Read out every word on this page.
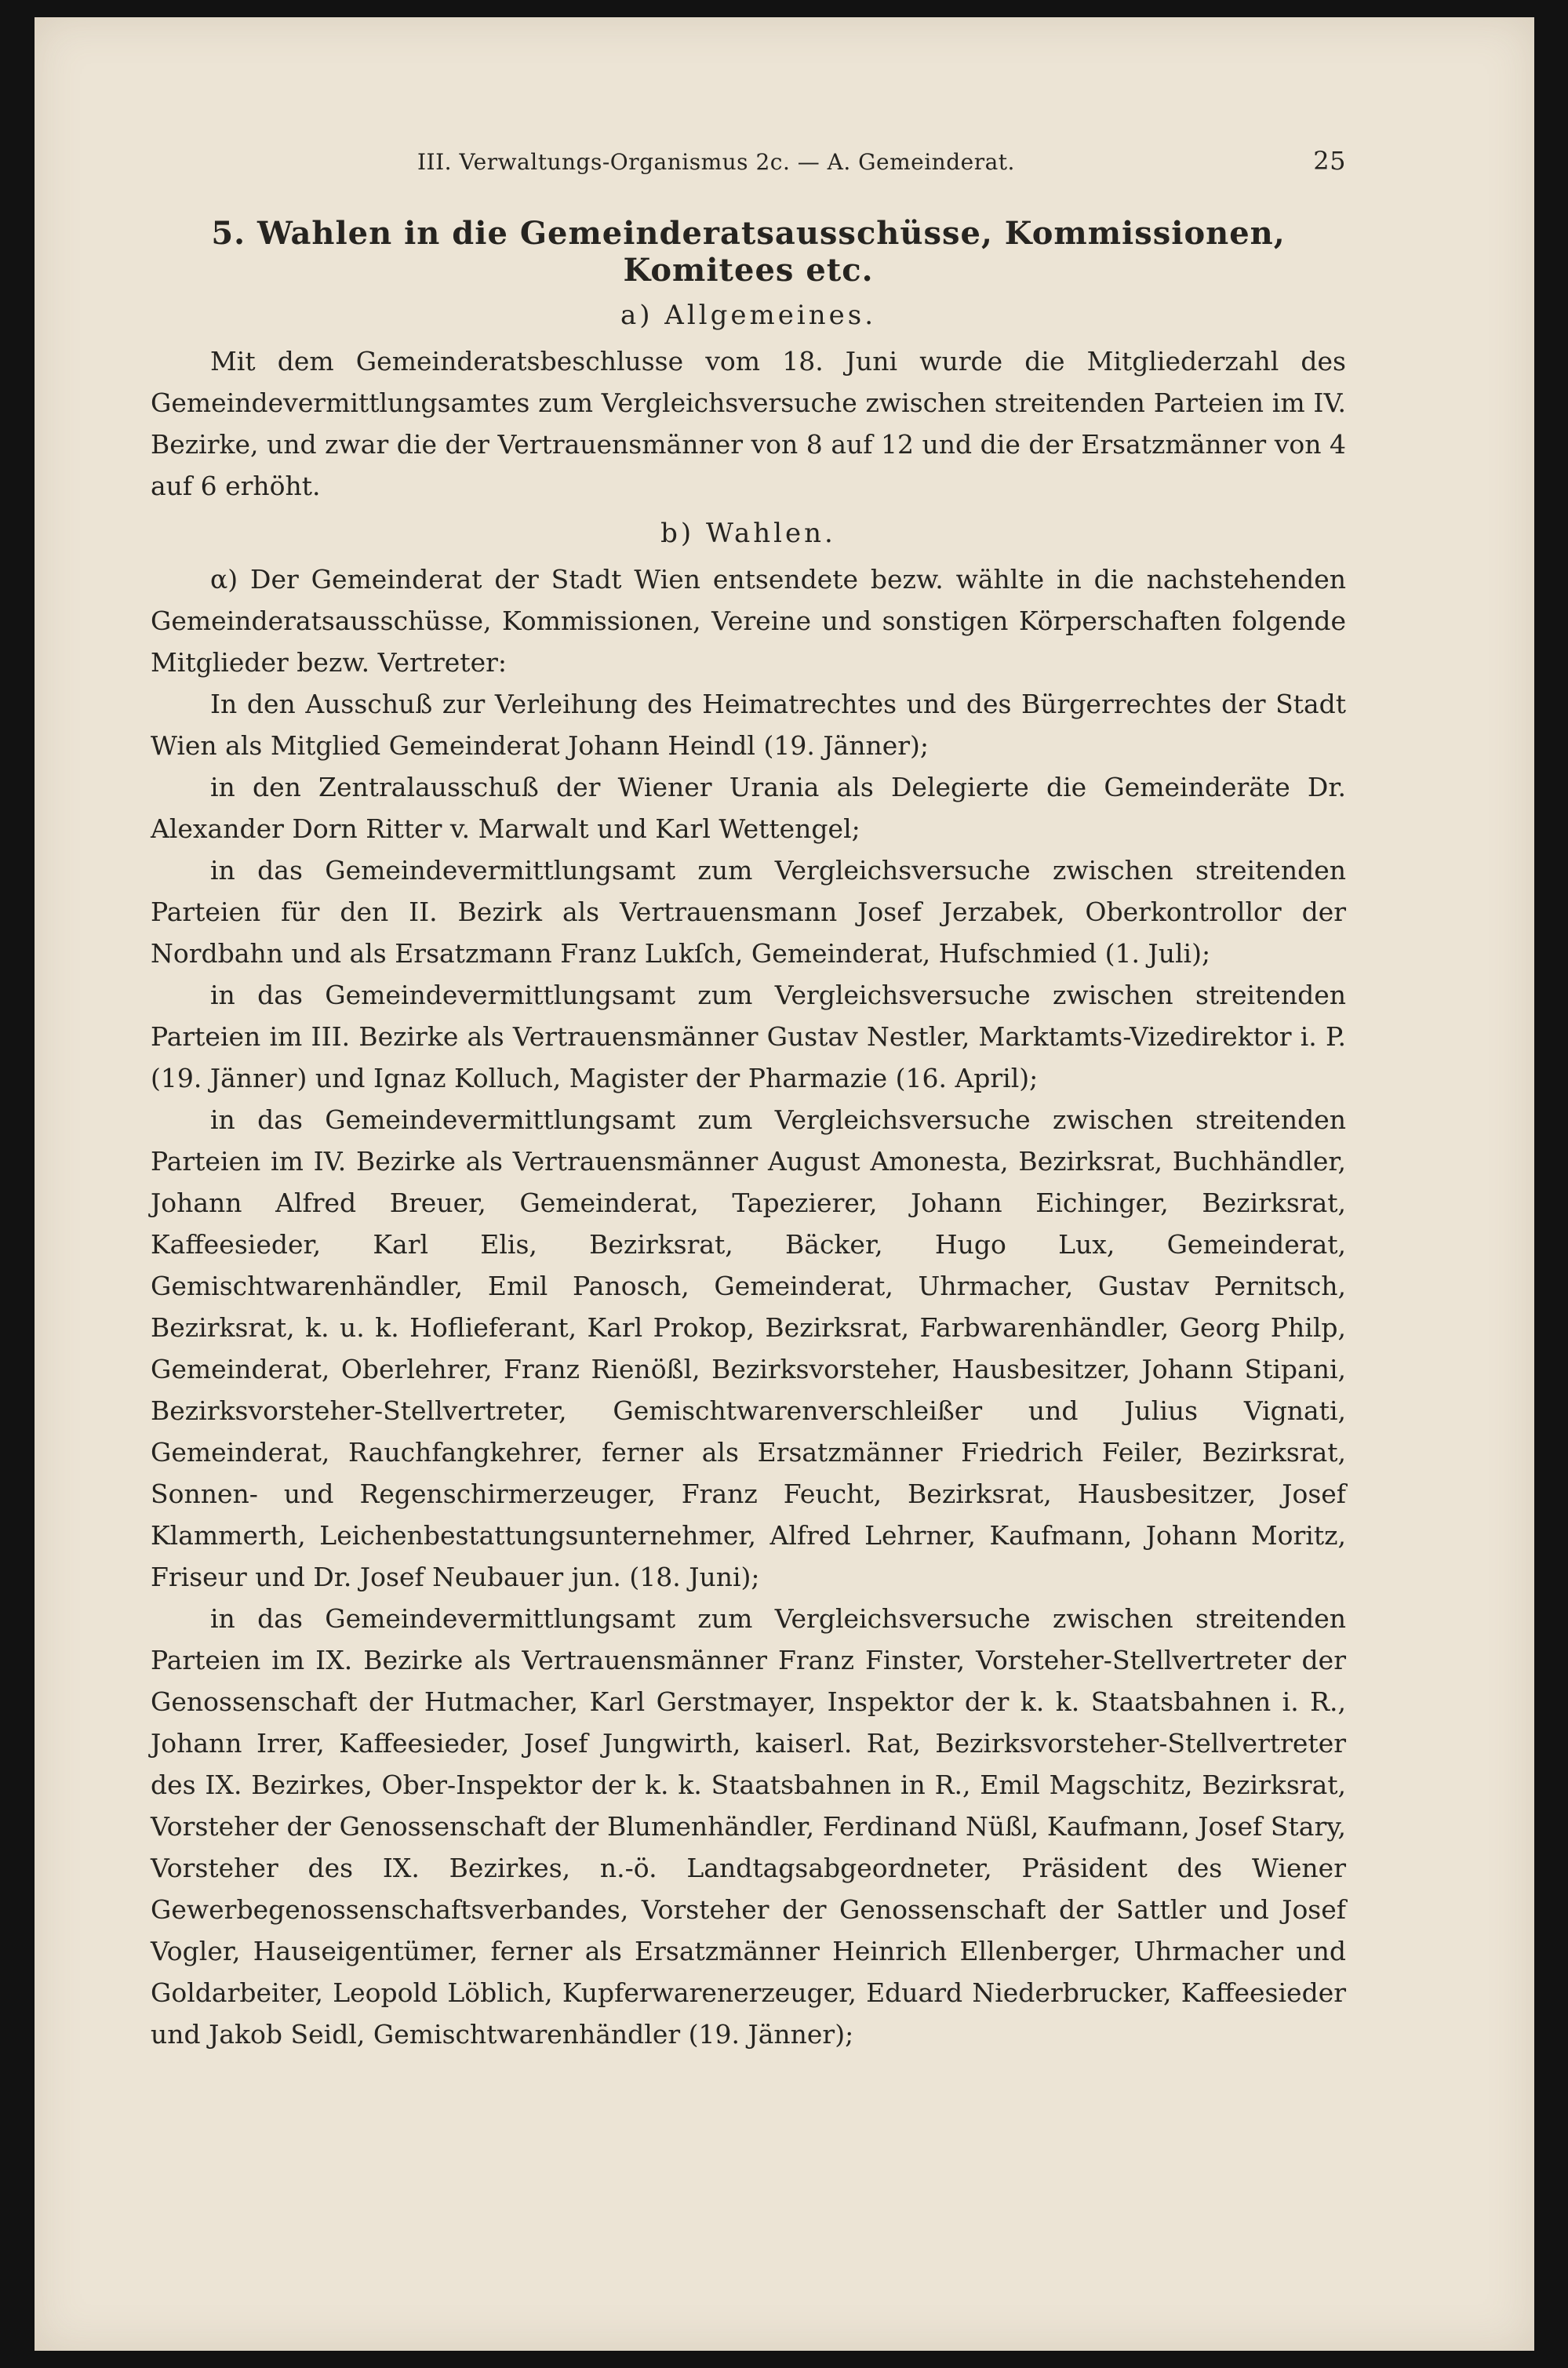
III. Verwaltungs-Organismus 2c. — A. Gemeinderat.	25
5. Wahlen in die Gemeinderatsausschüsse, Kommissionen, Komitees etc.
a) Allgemeines.

Mit dem Gemeinderatsbeschlusse vom 18. Juni wurde die Mitgliederzahl des Gemeindevermittlungsamtes zum Vergleichsversuche zwischen streitenden Parteien im IV. Bezirke, und zwar die der Vertrauensmänner von 8 auf 12 und die der Ersatzmänner von 4 auf 6 erhöht.

b) Wahlen.

α) Der Gemeinderat der Stadt Wien entsendete bezw. wählte in die nachstehenden Gemeinderatsausschüsse, Kommissionen, Vereine und sonstigen Körperschaften folgende Mitglieder bezw. Vertreter:

In den Ausschuß zur Verleihung des Heimatrechtes und des Bürgerrechtes der Stadt Wien als Mitglied Gemeinderat Johann Heindl (19. Jänner);

in den Zentralausschuß der Wiener Urania als Delegierte die Gemeinderäte Dr. Alexander Dorn Ritter v. Marwalt und Karl Wettengel;

in das Gemeindevermittlungsamt zum Vergleichsversuche zwischen streitenden Parteien für den II. Bezirk als Vertrauensmann Josef Jerzabek, Oberkontrollor der Nordbahn und als Ersatzmann Franz Lukſch, Gemeinderat, Hufschmied (1. Juli);

in das Gemeindevermittlungsamt zum Vergleichsversuche zwischen streitenden Parteien im III. Bezirke als Vertrauensmänner Gustav Nestler, Marktamts-Vizedirektor i. P. (19. Jänner) und Ignaz Kolluch, Magister der Pharmazie (16. April);

in das Gemeindevermittlungsamt zum Vergleichsversuche zwischen streitenden Parteien im IV. Bezirke als Vertrauensmänner August Amonesta, Bezirksrat, Buchhändler, Johann Alfred Breuer, Gemeinderat, Tapezierer, Johann Eichinger, Bezirksrat, Kaffeesieder, Karl Elis, Bezirksrat, Bäcker, Hugo Lux, Gemeinderat, Gemischtwarenhändler, Emil Panosch, Gemeinderat, Uhrmacher, Gustav Pernitsch, Bezirksrat, k. u. k. Hoflieferant, Karl Prokop, Bezirksrat, Farbwarenhändler, Georg Philp, Gemeinderat, Oberlehrer, Franz Rienößl, Bezirksvorsteher, Hausbesitzer, Johann Stipani, Bezirksvorsteher-Stellvertreter, Gemischtwarenverschleißer und Julius Vignati, Gemeinderat, Rauchfangkehrer, ferner als Ersatzmänner Friedrich Feiler, Bezirksrat, Sonnen- und Regenschirmerzeuger, Franz Feucht, Bezirksrat, Hausbesitzer, Josef Klammerth, Leichenbestattungsunternehmer, Alfred Lehrner, Kaufmann, Johann Moritz, Friseur und Dr. Josef Neubauer jun. (18. Juni);

in das Gemeindevermittlungsamt zum Vergleichsversuche zwischen streitenden Parteien im IX. Bezirke als Vertrauensmänner Franz Finster, Vorsteher-Stellvertreter der Genossenschaft der Hutmacher, Karl Gerstmayer, Inspektor der k. k. Staatsbahnen i. R., Johann Irrer, Kaffeesieder, Josef Jungwirth, kaiserl. Rat, Bezirksvorsteher-Stellvertreter des IX. Bezirkes, Ober-Inspektor der k. k. Staatsbahnen in R., Emil Magschitz, Bezirksrat, Vorsteher der Genossenschaft der Blumenhändler, Ferdinand Nüßl, Kaufmann, Josef Stary, Vorsteher des IX. Bezirkes, n.-ö. Landtagsabgeordneter, Präsident des Wiener Gewerbegenossenschaftsverbandes, Vorsteher der Genossenschaft der Sattler und Josef Vogler, Hauseigentümer, ferner als Ersatzmänner Heinrich Ellenberger, Uhrmacher und Goldarbeiter, Leopold Löblich, Kupferwarenerzeuger, Eduard Niederbrucker, Kaffeesieder und Jakob Seidl, Gemischtwarenhändler (19. Jänner);
